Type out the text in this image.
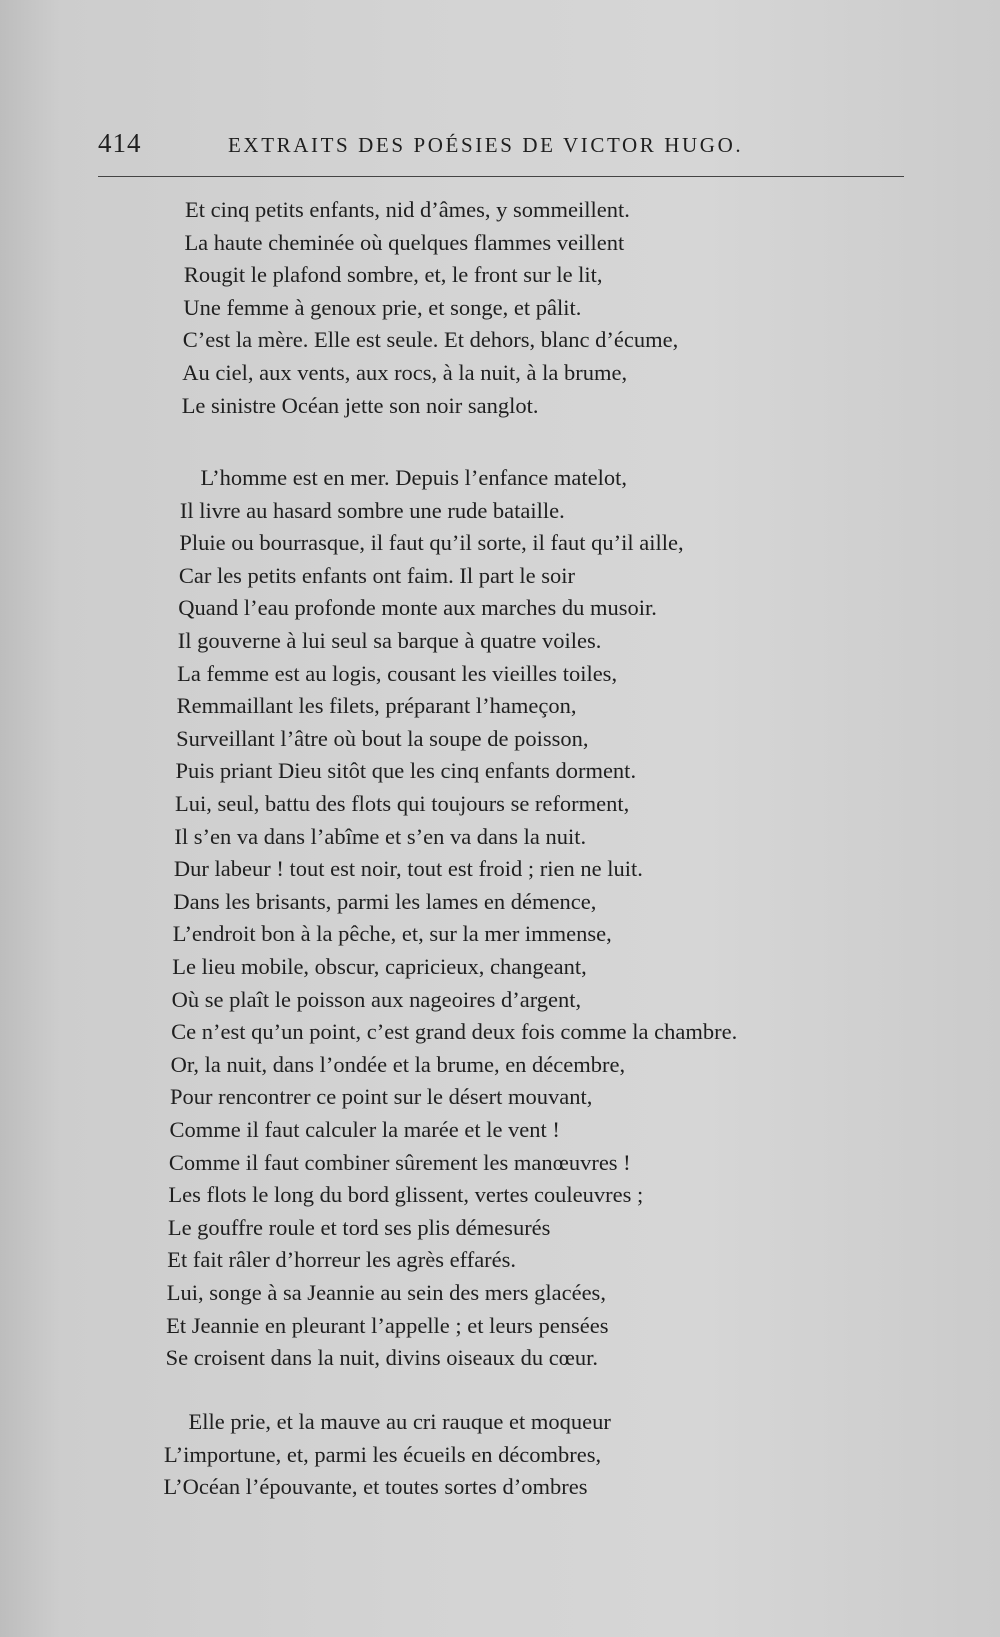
414	EXTRAITS DES POÉSIES DE VICTOR HUGO.
Et cinq petits enfants, nid d’âmes, y sommeillent.
La haute cheminée où quelques flammes veillent
Rougit le plafond sombre, et, le front sur le lit,
Une femme à genoux prie, et songe, et pâlit.
C’est la mère. Elle est seule. Et dehors, blanc d’écume,
Au ciel, aux vents, aux rocs, à la nuit, à la brume,
Le sinistre Océan jette son noir sanglot.
L’homme est en mer. Depuis l’enfance matelot,
Il livre au hasard sombre une rude bataille.
Pluie ou bourrasque, il faut qu’il sorte, il faut qu’il aille,
Car les petits enfants ont faim. Il part le soir
Quand l’eau profonde monte aux marches du musoir.
Il gouverne à lui seul sa barque à quatre voiles.
La femme est au logis, cousant les vieilles toiles,
Remmaillant les filets, préparant l’hameçon,
Surveillant l’âtre où bout la soupe de poisson,
Puis priant Dieu sitôt que les cinq enfants dorment.
Lui, seul, battu des flots qui toujours se reforment,
Il s’en va dans l’abîme et s’en va dans la nuit.
Dur labeur ! tout est noir, tout est froid ; rien ne luit.
Dans les brisants, parmi les lames en démence,
L’endroit bon à la pêche, et, sur la mer immense,
Le lieu mobile, obscur, capricieux, changeant,
Où se plaît le poisson aux nageoires d’argent,
Ce n’est qu’un point, c’est grand deux fois comme la chambre.
Or, la nuit, dans l’ondée et la brume, en décembre,
Pour rencontrer ce point sur le désert mouvant,
Comme il faut calculer la marée et le vent !
Comme il faut combiner sûrement les manœuvres !
Les flots le long du bord glissent, vertes couleuvres ;
Le gouffre roule et tord ses plis démesurés
Et fait râler d’horreur les agrès effarés.
Lui, songe à sa Jeannie au sein des mers glacées,
Et Jeannie en pleurant l’appelle ; et leurs pensées
Se croisent dans la nuit, divins oiseaux du cœur.
Elle prie, et la mauve au cri rauque et moqueur
L’importune, et, parmi les écueils en décombres,
L’Océan l’épouvante, et toutes sortes d’ombres
